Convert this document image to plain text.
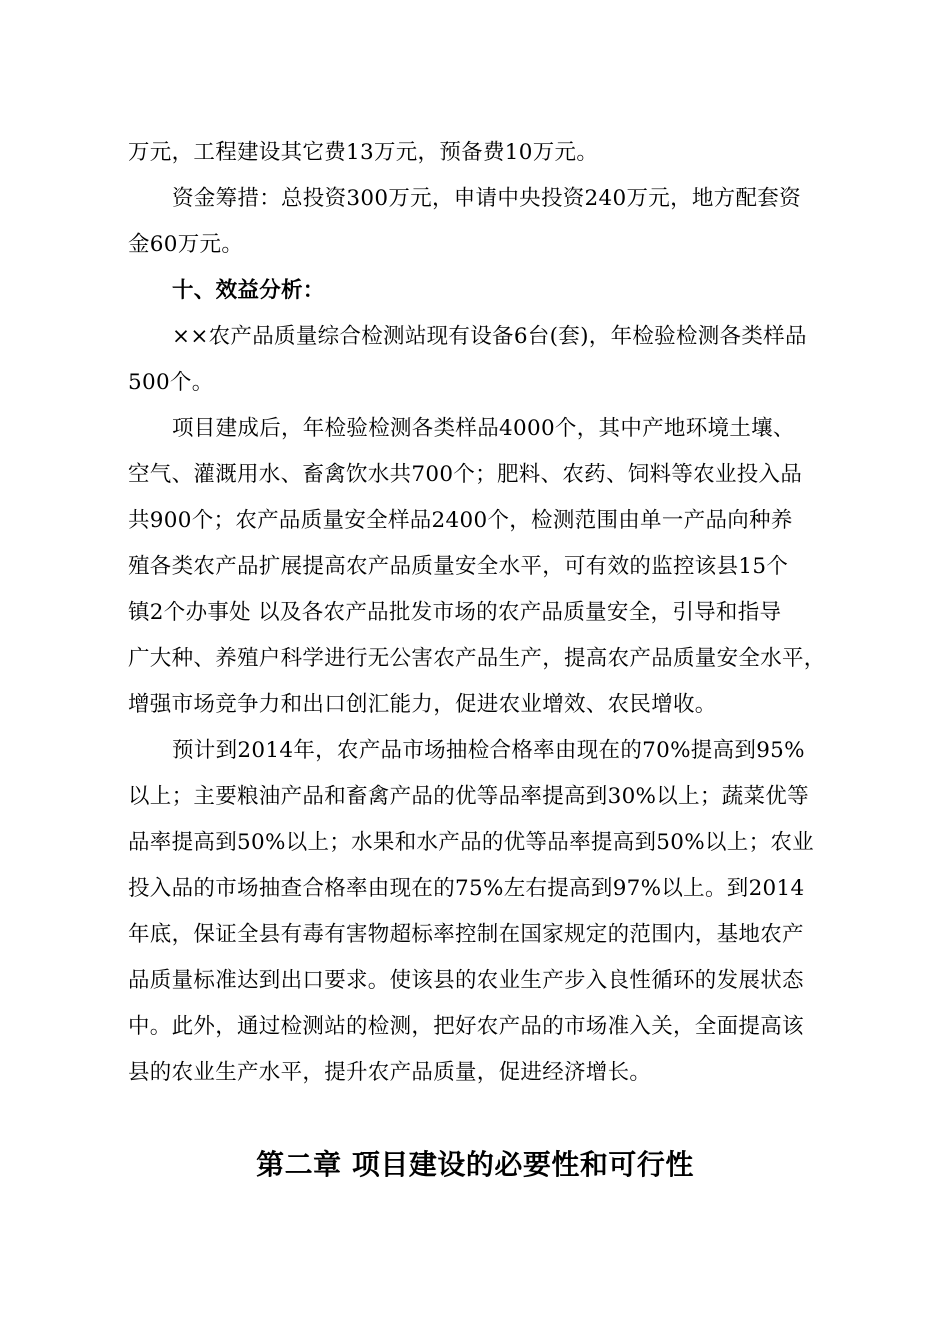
万元，工程建设其它费13万元，预备费10万元。
资金筹措：总投资300万元，申请中央投资240万元，地方配套资
金60万元。
十、效益分析：
××农产品质量综合检测站现有设备6台(套)，年检验检测各类样品
500个。
项目建成后，年检验检测各类样品4000个，其中产地环境土壤、
空气、灌溉用水、畜禽饮水共700个；肥料、农药、饲料等农业投入品
共900个；农产品质量安全样品2400个，检测范围由单一产品向种养
殖各类农产品扩展提高农产品质量安全水平，可有效的监控该县15个
镇2个办事处 以及各农产品批发市场的农产品质量安全，引导和指导
广大种、养殖户科学进行无公害农产品生产，提高农产品质量安全水平，
增强市场竞争力和出口创汇能力，促进农业增效、农民增收。
预计到2014年，农产品市场抽检合格率由现在的70%提高到95%
以上；主要粮油产品和畜禽产品的优等品率提高到30%以上；蔬菜优等
品率提高到50%以上；水果和水产品的优等品率提高到50%以上；农业
投入品的市场抽查合格率由现在的75%左右提高到97%以上。到2014
年底，保证全县有毒有害物超标率控制在国家规定的范围内，基地农产
品质量标准达到出口要求。使该县的农业生产步入良性循环的发展状态
中。此外，通过检测站的检测，把好农产品的市场准入关，全面提高该
县的农业生产水平，提升农产品质量，促进经济增长。
第二章 项目建设的必要性和可行性
